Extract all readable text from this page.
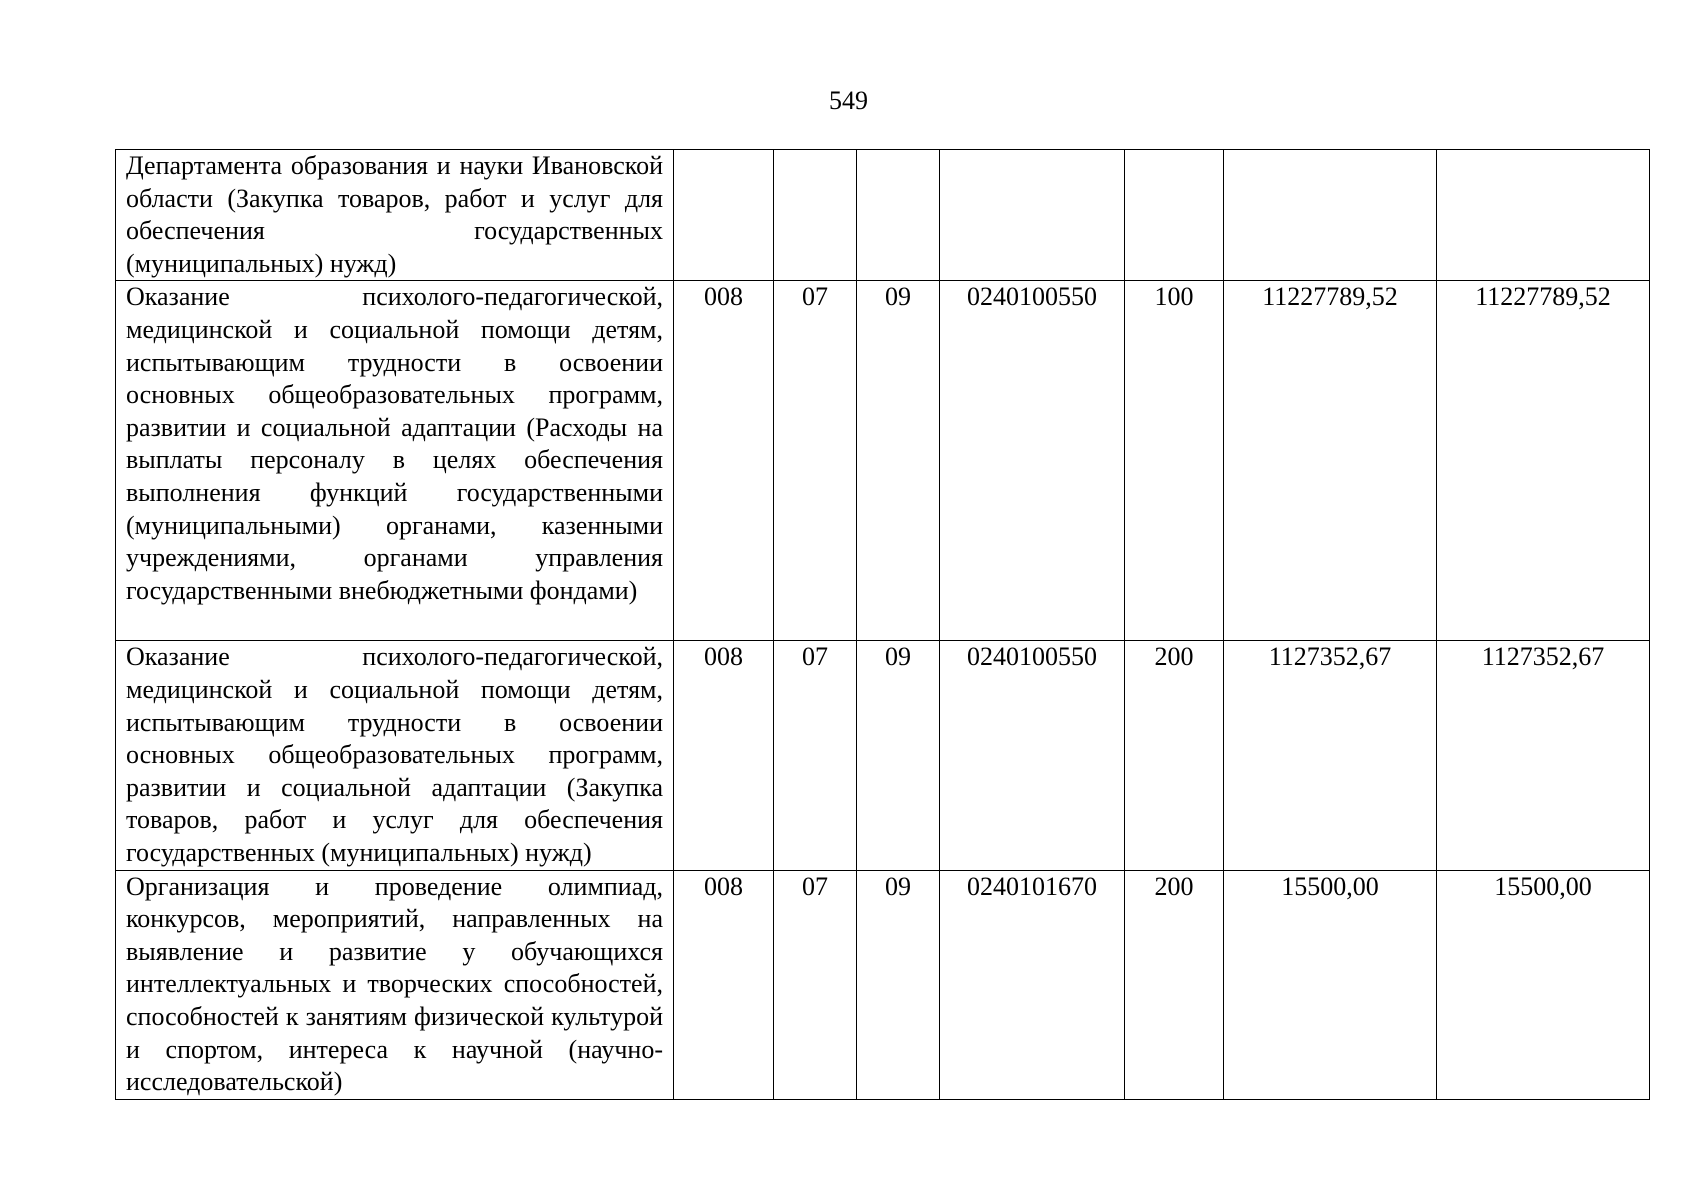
549
Департамента образования и науки Ивановской области (Закупка товаров, работ и услуг для обеспечения государственных (муниципальных) нужд)							
Оказание психолого-педагогической, медицинской и социальной помощи детям, испытывающим трудности в освоении основных общеобразовательных программ, развитии и социальной адаптации (Расходы на выплаты персоналу в целях обеспечения выполнения функций государственными (муниципальными) органами, казенными учреждениями, органами управления государственными внебюджетными фондами)	008	07	09	0240100550	100	11227789,52	11227789,52
Оказание психолого-педагогической, медицинской и социальной помощи детям, испытывающим трудности в освоении основных общеобразовательных программ, развитии и социальной адаптации (Закупка товаров, работ и услуг для обеспечения государственных (муниципальных) нужд)	008	07	09	0240100550	200	1127352,67	1127352,67
Организация и проведение олимпиад, конкурсов, мероприятий, направленных на выявление и развитие у обучающихся интеллектуальных и творческих способностей, способностей к занятиям физической культурой и спортом, интереса к научной (научно-исследовательской)	008	07	09	0240101670	200	15500,00	15500,00
